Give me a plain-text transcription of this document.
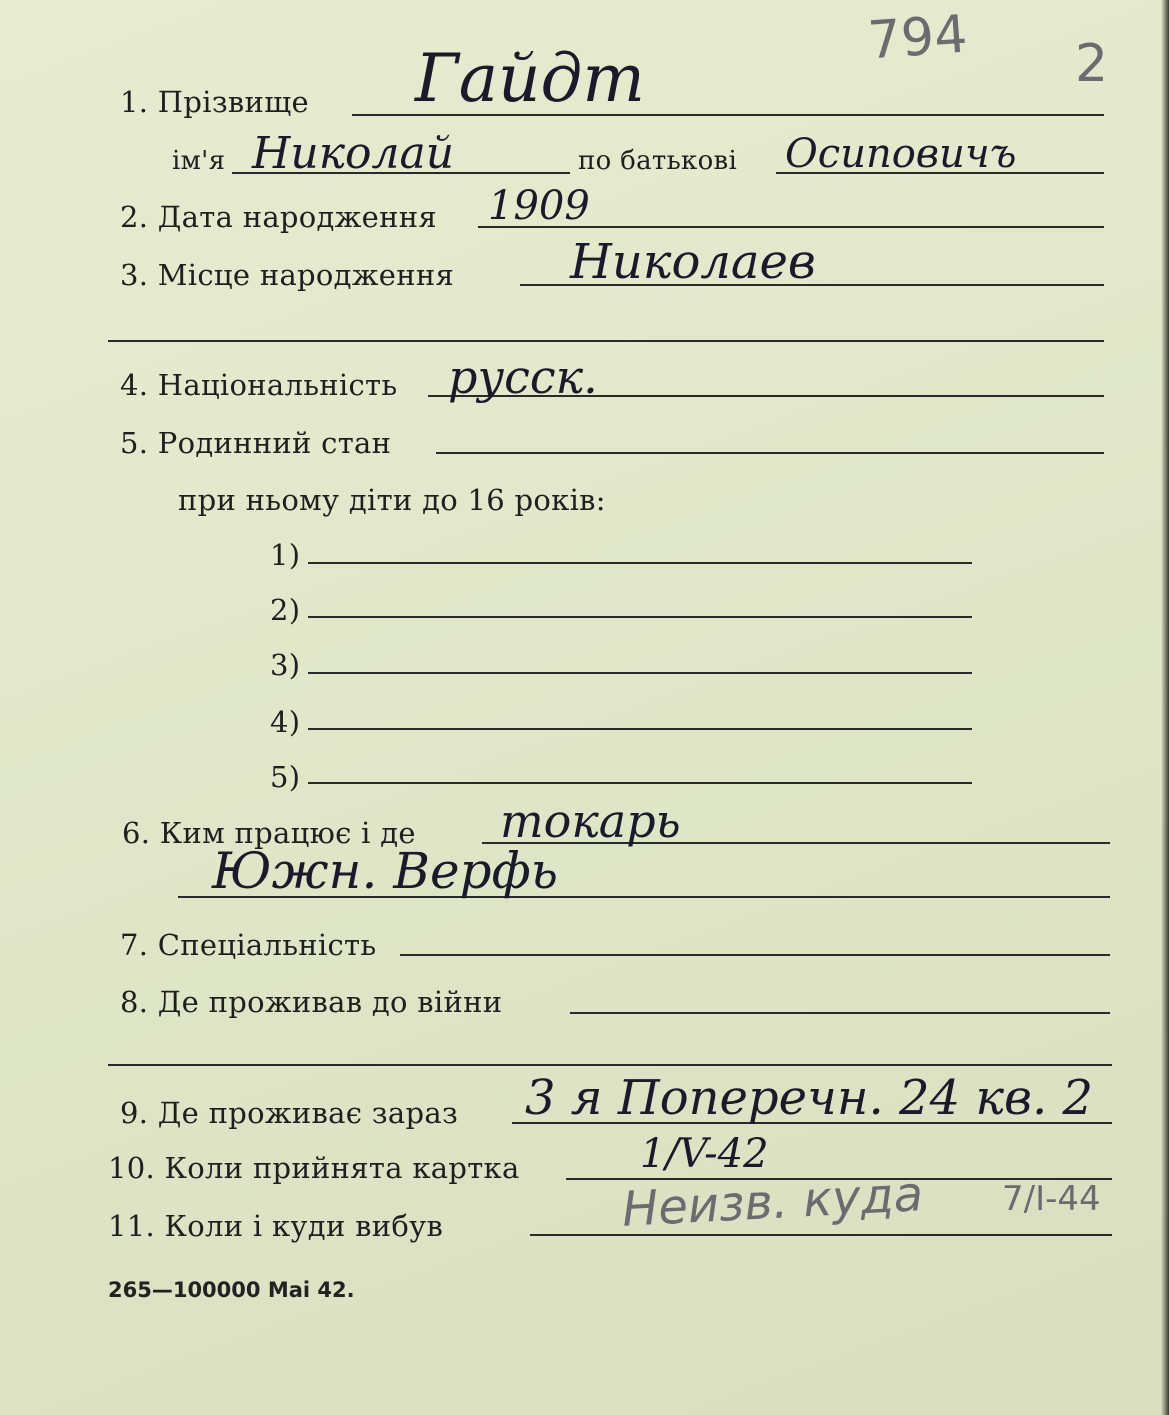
794 2
1. Прізвище Гайдт
ім'я Николай	по батькові Осиповичъ
2. Дата народження 1909
3. Місце народження Николаев
4. Національність русск.
5. Родинний стан
при ньому діти до 16 років:
1)
2)
3)
4)
5)
6. Ким працює і де токарь
Южн. Верфь
7. Спеціальність
8. Де проживав до війни
9. Де проживає зараз 3 я Поперечн. 24 кв. 2
10. Коли прийнята картка	1/V-42
11. Коли і куди вибув	Неизв. куда 7/I-44
265—100000 Mai 42.
